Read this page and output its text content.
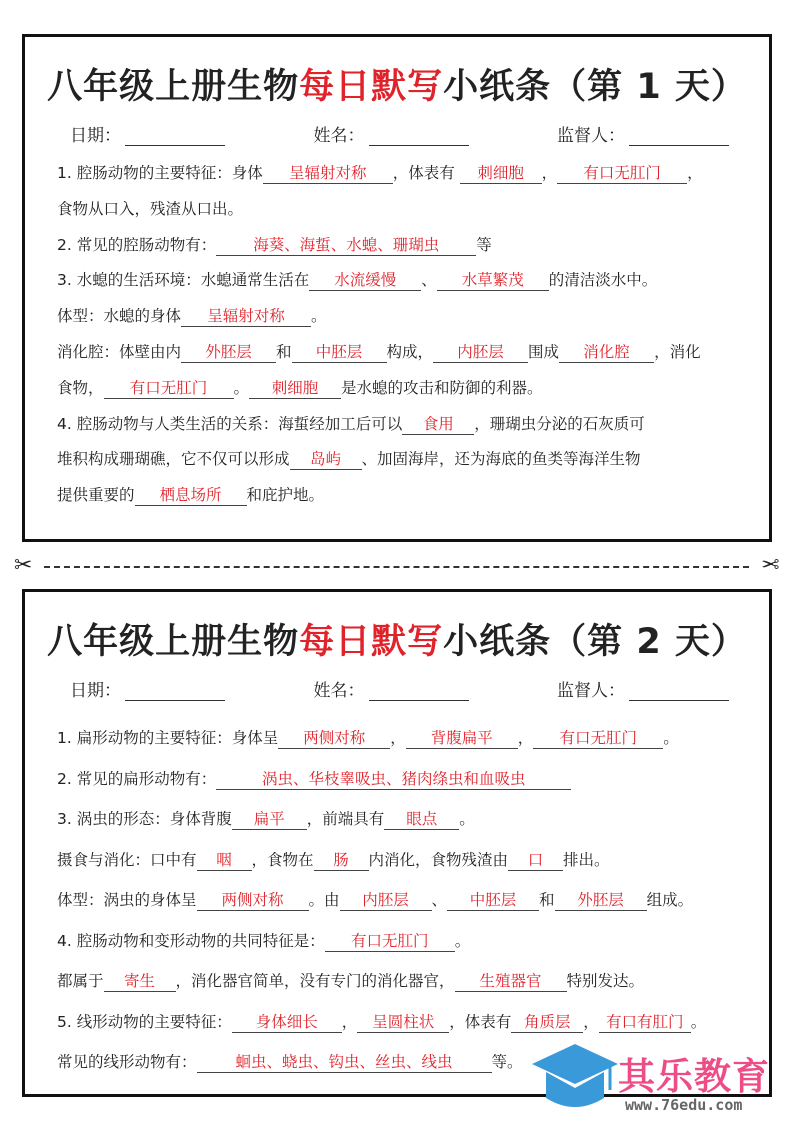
八年级上册生物每日默写小纸条（第 1 天）
日期：	姓名：	监督人：
1. 腔肠动物的主要特征：身体 呈辐射对称 ，体表有 刺细胞 ， 有口无肛门 ，
食物从口入，残渣从口出。
2. 常见的腔肠动物有： 海葵、海蜇、水螅、珊瑚虫 等
3. 水螅的生活环境：水螅通常生活在 水流缓慢 、 水草繁茂 的清洁淡水中。
体型：水螅的身体 呈辐射对称 。
消化腔：体壁由内 外胚层 和 中胚层 构成， 内胚层 围成 消化腔 ，消化
食物， 有口无肛门 。 刺细胞 是水螅的攻击和防御的利器。
4. 腔肠动物与人类生活的关系：海蜇经加工后可以 食用 ，珊瑚虫分泌的石灰质可
堆积构成珊瑚礁，它不仅可以形成 岛屿 、加固海岸，还为海底的鱼类等海洋生物
提供重要的 栖息场所 和庇护地。
✂	✂
八年级上册生物每日默写小纸条（第 2 天）
日期：	姓名：	监督人：
1. 扁形动物的主要特征：身体呈 两侧对称 ， 背腹扁平 ， 有口无肛门 。
2. 常见的扁形动物有：	涡虫、华枝睾吸虫、猪肉绦虫和血吸虫
3. 涡虫的形态：身体背腹 扁平 ，前端具有 眼点 。
摄食与消化：口中有 咽 ，食物在 肠 内消化，食物残渣由 口 排出。
体型：涡虫的身体呈 两侧对称 。由 内胚层 、 中胚层 和 外胚层 组成。
4. 腔肠动物和变形动物的共同特征是： 有口无肛门 。
都属于 寄生 ，消化器官简单，没有专门的消化器官， 生殖器官 特别发达。
5. 线形动物的主要特征： 身体细长 ， 呈圆柱状 ，体表有 角质层 ， 有口有肛门 。
常见的线形动物有：	蛔虫、蛲虫、钩虫、丝虫、线虫	等。	其乐教育
www.76edu.com
